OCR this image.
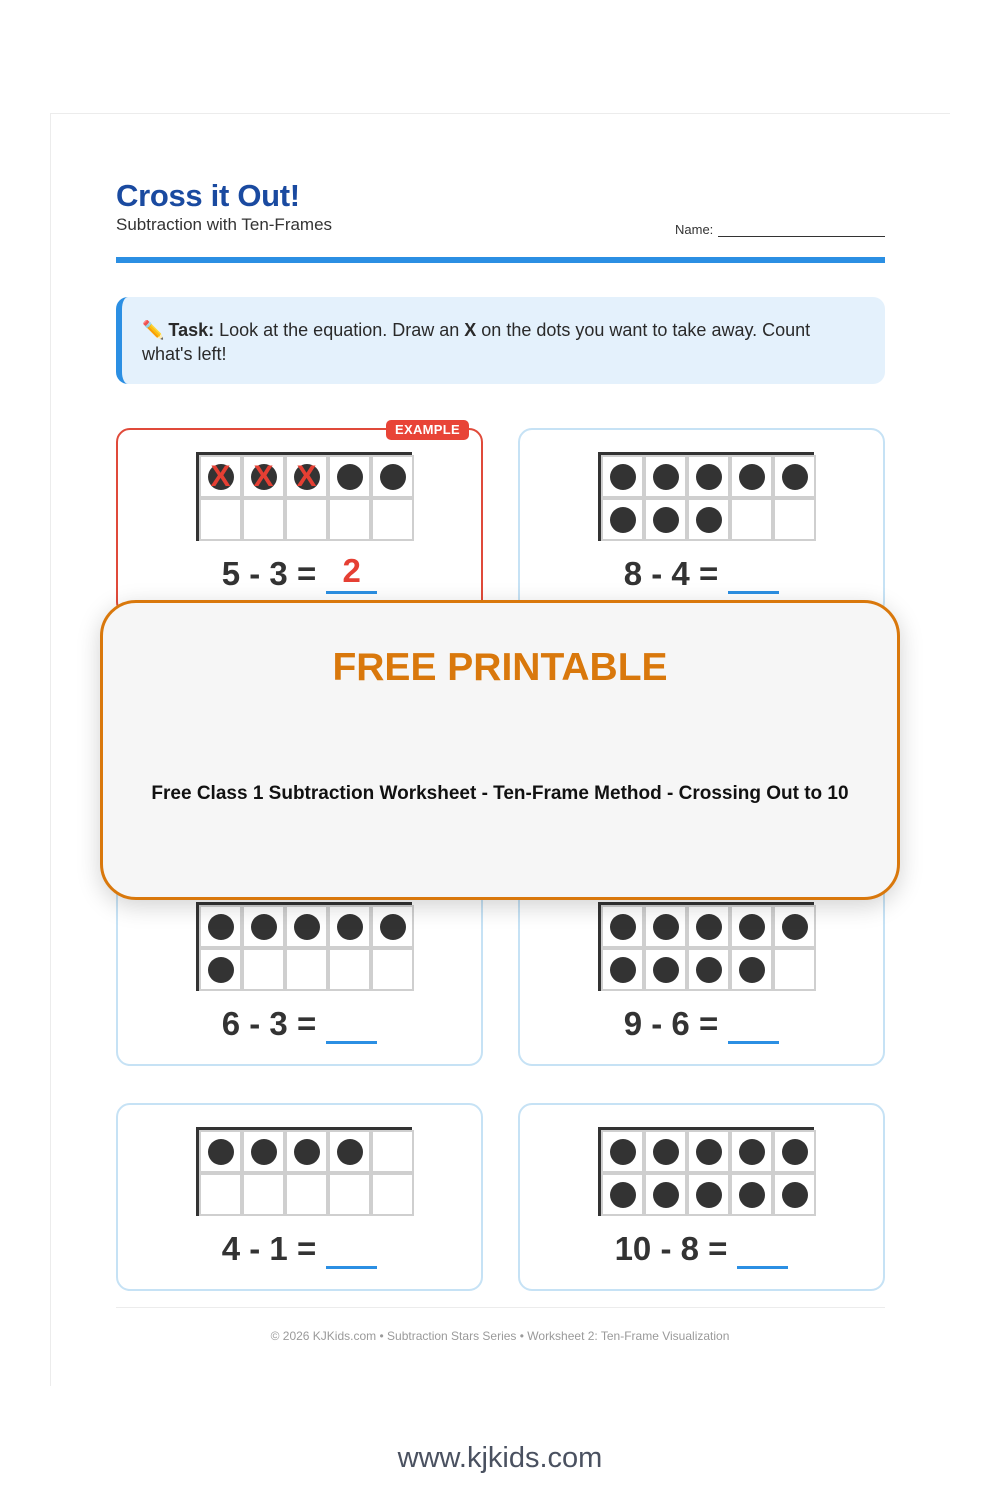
Cross it Out!
Subtraction with Ten-Frames	Name:
✏️ Task: Look at the equation. Draw an X on the dots you want to take away. Count what's left!
EXAMPLE
X X X
5 - 3 = 2	8 - 4 =
6 - 3 =	9 - 6 =
4 - 1 =	10 - 8 =
© 2026 KJKids.com • Subtraction Stars Series • Worksheet 2: Ten-Frame Visualization
FREE PRINTABLE
Free Class 1 Subtraction Worksheet - Ten-Frame Method - Crossing Out to 10
www.kjkids.com
